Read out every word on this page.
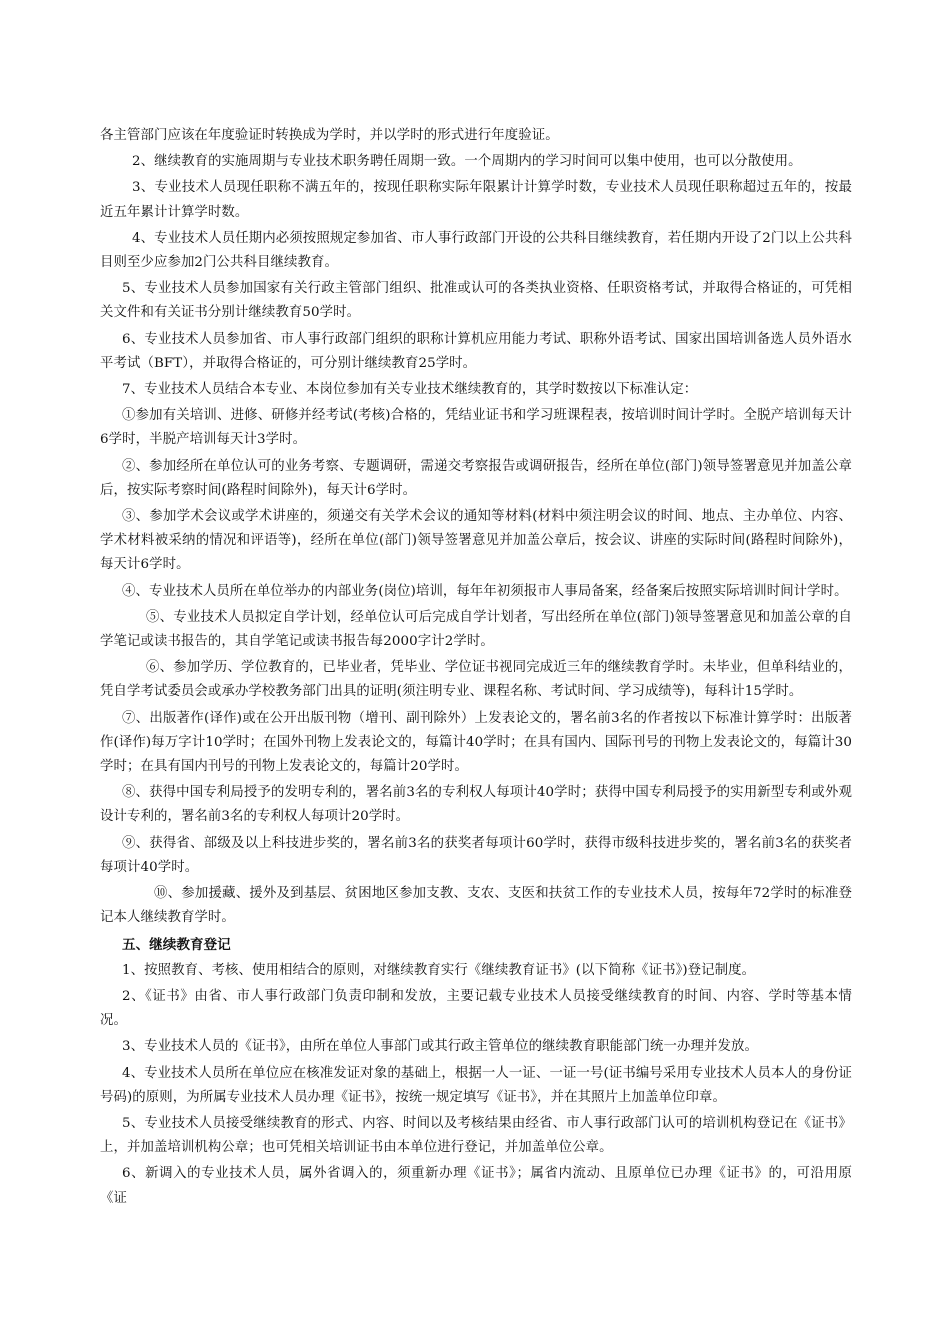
各主管部门应该在年度验证时转换成为学时，并以学时的形式进行年度验证。

2、继续教育的实施周期与专业技术职务聘任周期一致。一个周期内的学习时间可以集中使用，也可以分散使用。

3、专业技术人员现任职称不满五年的，按现任职称实际年限累计计算学时数，专业技术人员现任职称超过五年的，按最近五年累计计算学时数。

4、专业技术人员任期内必须按照规定参加省、市人事行政部门开设的公共科目继续教育，若任期内开设了2门以上公共科目则至少应参加2门公共科目继续教育。

5、专业技术人员参加国家有关行政主管部门组织、批准或认可的各类执业资格、任职资格考试，并取得合格证的，可凭相关文件和有关证书分别计继续教育50学时。

6、专业技术人员参加省、市人事行政部门组织的职称计算机应用能力考试、职称外语考试、国家出国培训备选人员外语水平考试（BFT），并取得合格证的，可分别计继续教育25学时。

7、专业技术人员结合本专业、本岗位参加有关专业技术继续教育的，其学时数按以下标准认定：

①参加有关培训、进修、研修并经考试(考核)合格的，凭结业证书和学习班课程表，按培训时间计学时。全脱产培训每天计6学时，半脱产培训每天计3学时。

②、参加经所在单位认可的业务考察、专题调研，需递交考察报告或调研报告，经所在单位(部门)领导签署意见并加盖公章后，按实际考察时间(路程时间除外)，每天计6学时。

③、参加学术会议或学术讲座的，须递交有关学术会议的通知等材料(材料中须注明会议的时间、地点、主办单位、内容、学术材料被采纳的情况和评语等)，经所在单位(部门)领导签署意见并加盖公章后，按会议、讲座的实际时间(路程时间除外)，每天计6学时。

④、专业技术人员所在单位举办的内部业务(岗位)培训，每年年初须报市人事局备案，经备案后按照实际培训时间计学时。

⑤、专业技术人员拟定自学计划，经单位认可后完成自学计划者，写出经所在单位(部门)领导签署意见和加盖公章的自学笔记或读书报告的，其自学笔记或读书报告每2000字计2学时。

⑥、参加学历、学位教育的，已毕业者，凭毕业、学位证书视同完成近三年的继续教育学时。未毕业，但单科结业的，凭自学考试委员会或承办学校教务部门出具的证明(须注明专业、课程名称、考试时间、学习成绩等)，每科计15学时。

⑦、出版著作(译作)或在公开出版刊物（增刊、副刊除外）上发表论文的，署名前3名的作者按以下标准计算学时：出版著作(译作)每万字计10学时；在国外刊物上发表论文的，每篇计40学时；在具有国内、国际刊号的刊物上发表论文的，每篇计30学时；在具有国内刊号的刊物上发表论文的，每篇计20学时。

⑧、获得中国专利局授予的发明专利的，署名前3名的专利权人每项计40学时；获得中国专利局授予的实用新型专利或外观设计专利的，署名前3名的专利权人每项计20学时。

⑨、获得省、部级及以上科技进步奖的，署名前3名的获奖者每项计60学时，获得市级科技进步奖的，署名前3名的获奖者每项计40学时。

⑩、参加援藏、援外及到基层、贫困地区参加支教、支农、支医和扶贫工作的专业技术人员，按每年72学时的标准登记本人继续教育学时。

五、继续教育登记

1、按照教育、考核、使用相结合的原则，对继续教育实行《继续教育证书》(以下简称《证书》)登记制度。

2、《证书》由省、市人事行政部门负责印制和发放，主要记载专业技术人员接受继续教育的时间、内容、学时等基本情况。

3、专业技术人员的《证书》，由所在单位人事部门或其行政主管单位的继续教育职能部门统一办理并发放。

4、专业技术人员所在单位应在核准发证对象的基础上，根据一人一证、一证一号(证书编号采用专业技术人员本人的身份证号码)的原则，为所属专业技术人员办理《证书》，按统一规定填写《证书》，并在其照片上加盖单位印章。

5、专业技术人员接受继续教育的形式、内容、时间以及考核结果由经省、市人事行政部门认可的培训机构登记在《证书》上，并加盖培训机构公章；也可凭相关培训证书由本单位进行登记，并加盖单位公章。

6、新调入的专业技术人员，属外省调入的，须重新办理《证书》；属省内流动、且原单位已办理《证书》的，可沿用原《证
